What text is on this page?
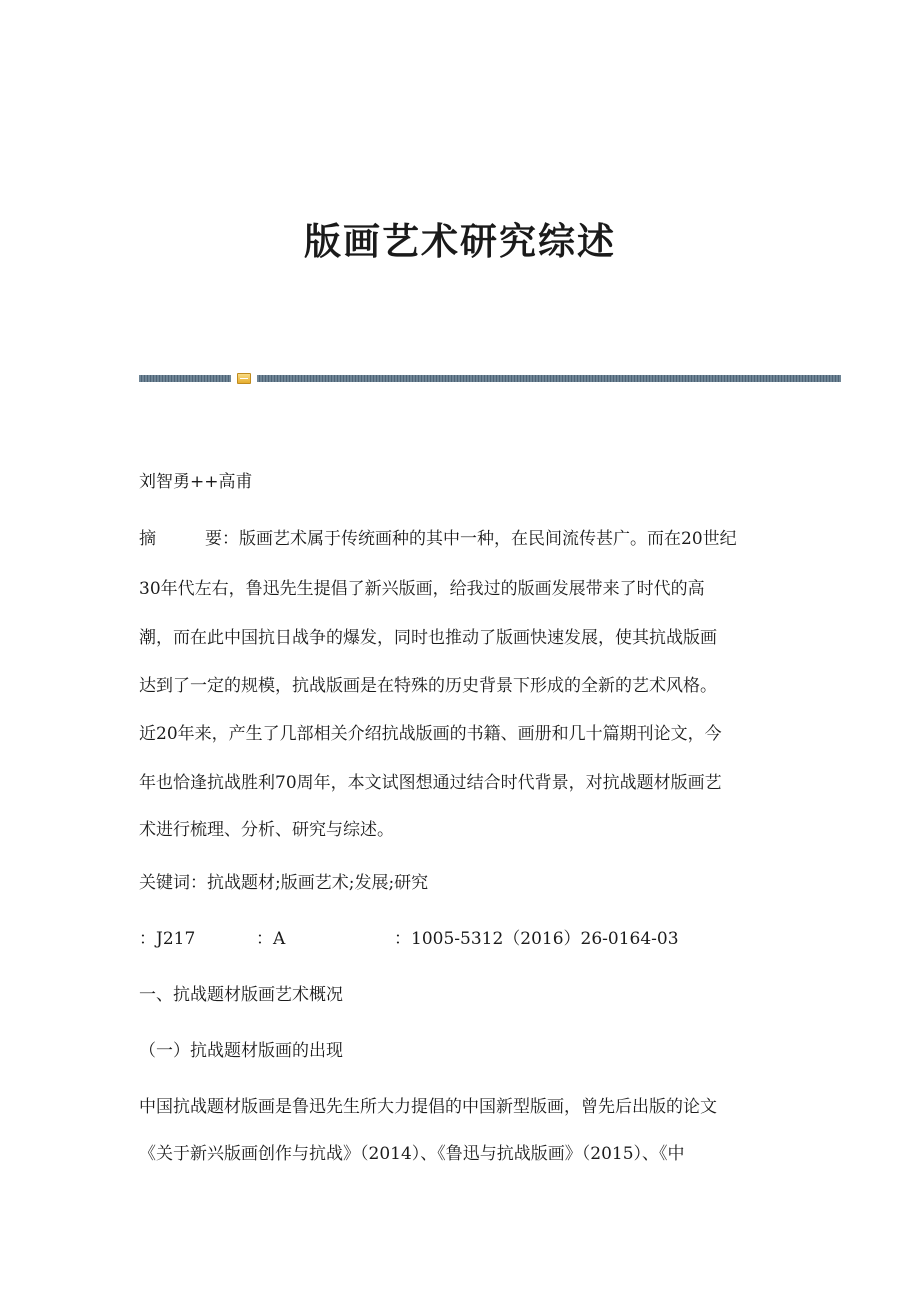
版画艺术研究综述

刘智勇++高甫

摘	要：版画艺术属于传统画种的其中一种，在民间流传甚广。而在20世纪

30年代左右，鲁迅先生提倡了新兴版画，给我过的版画发展带来了时代的高

潮，而在此中国抗日战争的爆发，同时也推动了版画快速发展，使其抗战版画

达到了一定的规模，抗战版画是在特殊的历史背景下形成的全新的艺术风格。

近20年来，产生了几部相关介绍抗战版画的书籍、画册和几十篇期刊论文，今

年也恰逢抗战胜利70周年，本文试图想通过结合时代背景，对抗战题材版画艺

术进行梳理、分析、研究与综述。

关键词：抗战题材;版画艺术;发展;研究

：J217	：A	：1005-5312（2016）26-0164-03

一、抗战题材版画艺术概况

（一）抗战题材版画的出现

中国抗战题材版画是鲁迅先生所大力提倡的中国新型版画，曾先后出版的论文

《关于新兴版画创作与抗战》（2014）、《鲁迅与抗战版画》（2015）、《中
